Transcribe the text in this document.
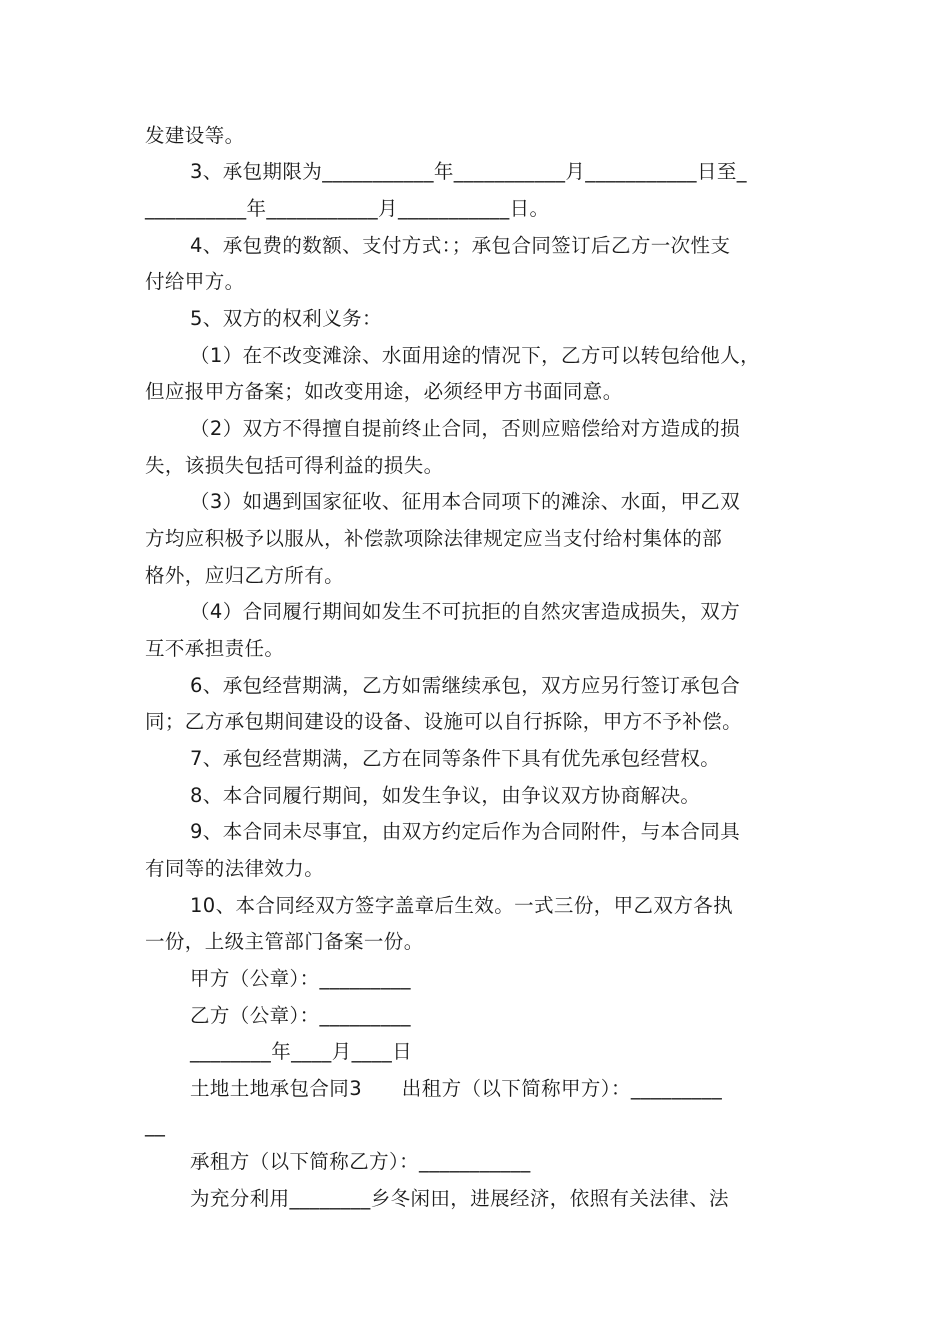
发建设等。
3、承包期限为___________年___________月___________日至_
__________年___________月___________日。
4、承包费的数额、支付方式：；承包合同签订后乙方一次性支
付给甲方。
5、双方的权利义务：
（1）在不改变滩涂、水面用途的情况下，乙方可以转包给他人，
但应报甲方备案；如改变用途，必须经甲方书面同意。
（2）双方不得擅自提前终止合同，否则应赔偿给对方造成的损
失，该损失包括可得利益的损失。
（3）如遇到国家征收、征用本合同项下的滩涂、水面，甲乙双
方均应积极予以服从，补偿款项除法律规定应当支付给村集体的部
格外，应归乙方所有。
（4）合同履行期间如发生不可抗拒的自然灾害造成损失，双方
互不承担责任。
6、承包经营期满，乙方如需继续承包，双方应另行签订承包合
同；乙方承包期间建设的设备、设施可以自行拆除，甲方不予补偿。
7、承包经营期满，乙方在同等条件下具有优先承包经营权。
8、本合同履行期间，如发生争议，由争议双方协商解决。
9、本合同未尽事宜，由双方约定后作为合同附件，与本合同具
有同等的法律效力。
10、本合同经双方签字盖章后生效。一式三份，甲乙双方各执
一份，上级主管部门备案一份。
甲方（公章）：_________
乙方（公章）：_________
________年____月____日
土地土地承包合同3　　出租方（以下简称甲方）：_________
__
承租方（以下简称乙方）：___________
为充分利用________乡冬闲田，进展经济，依照有关法律、法
